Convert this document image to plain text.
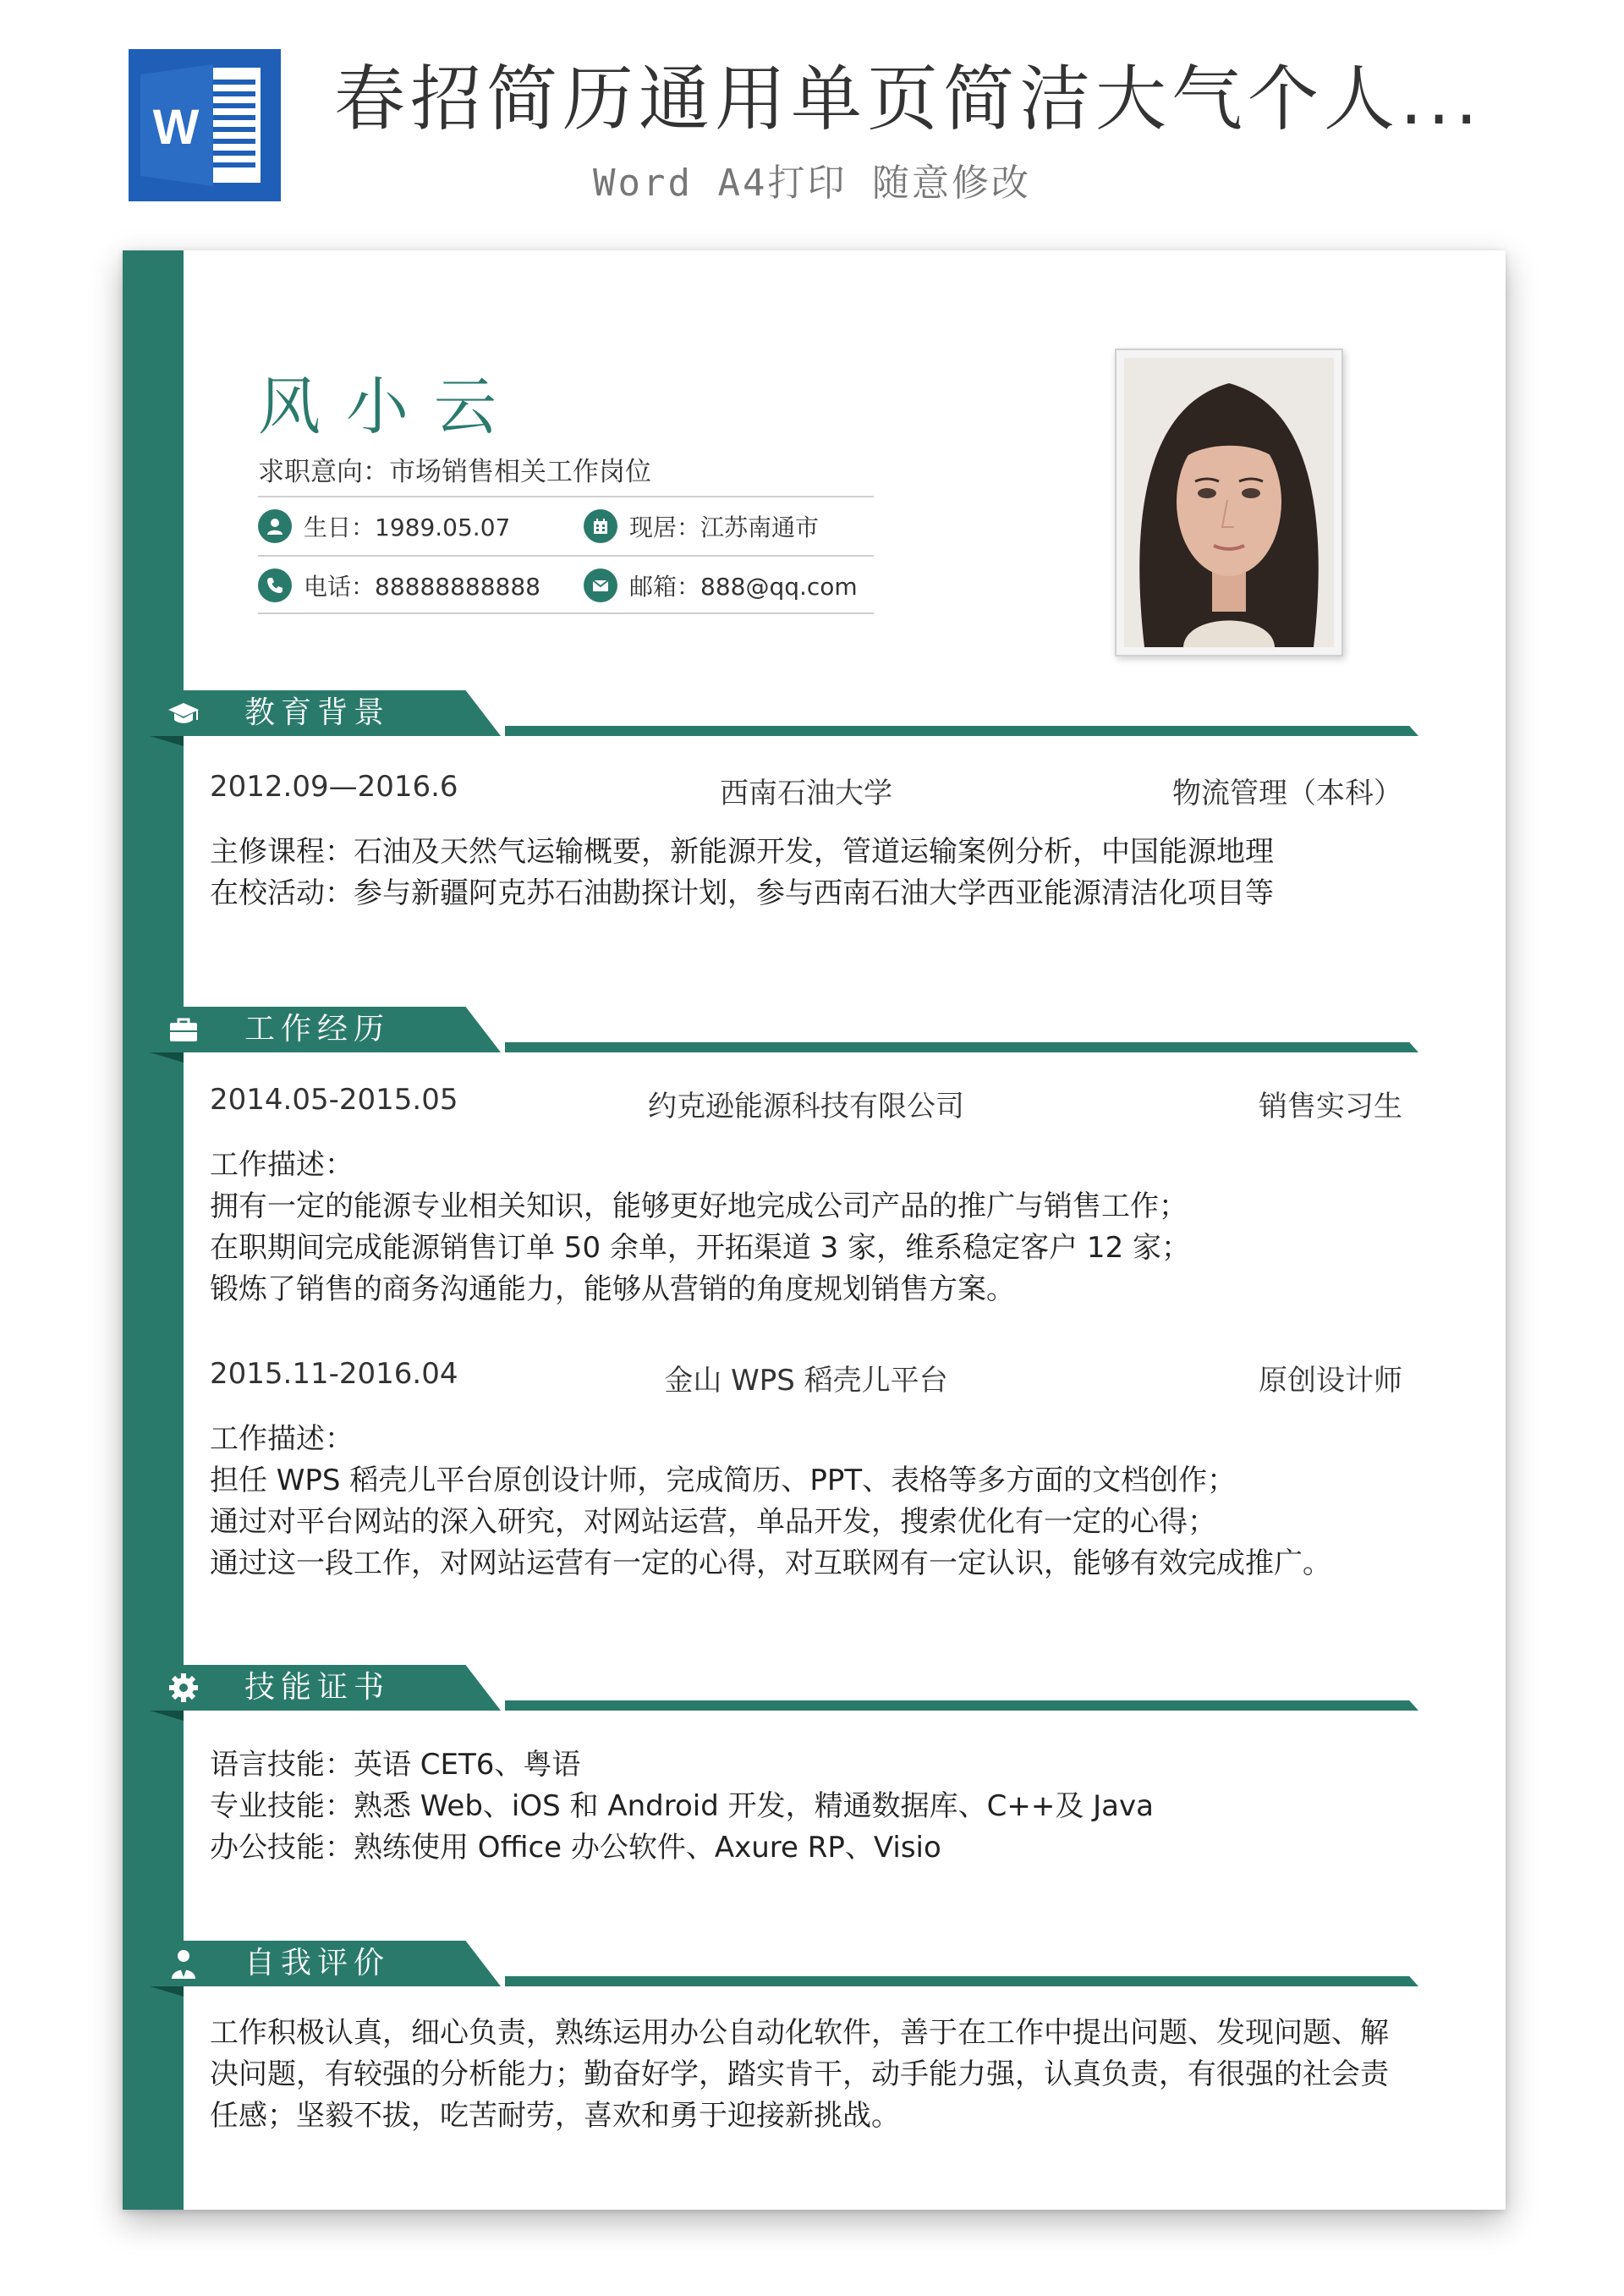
W 春招简历通用单页简洁大气个人...
Word A4打印 随意修改
风小云
求职意向：市场销售相关工作岗位
生日：1989.05.07	现居：江苏南通市
电话：88888888888	邮箱：888@qq.com
教育背景
2012.09—2016.6	西南石油大学	物流管理（本科）
主修课程：石油及天然气运输概要，新能源开发，管道运输案例分析，中国能源地理
在校活动：参与新疆阿克苏石油勘探计划，参与西南石油大学西亚能源清洁化项目等
工作经历
2014.05-2015.05	约克逊能源科技有限公司	销售实习生
工作描述：
拥有一定的能源专业相关知识，能够更好地完成公司产品的推广与销售工作；
在职期间完成能源销售订单 50 余单，开拓渠道 3 家，维系稳定客户 12 家；
锻炼了销售的商务沟通能力，能够从营销的角度规划销售方案。
2015.11-2016.04	金山 WPS 稻壳儿平台	原创设计师
工作描述：
担任 WPS 稻壳儿平台原创设计师，完成简历、PPT、表格等多方面的文档创作；
通过对平台网站的深入研究，对网站运营，单品开发，搜索优化有一定的心得；
通过这一段工作，对网站运营有一定的心得，对互联网有一定认识，能够有效完成推广。
技能证书
语言技能：英语 CET6、粤语
专业技能：熟悉 Web、iOS 和 Android 开发，精通数据库、C++及 Java
办公技能：熟练使用 Office 办公软件、Axure RP、Visio
自我评价
工作积极认真，细心负责，熟练运用办公自动化软件，善于在工作中提出问题、发现问题、解
决问题，有较强的分析能力；勤奋好学，踏实肯干，动手能力强，认真负责，有很强的社会责
任感；坚毅不拔，吃苦耐劳，喜欢和勇于迎接新挑战。
